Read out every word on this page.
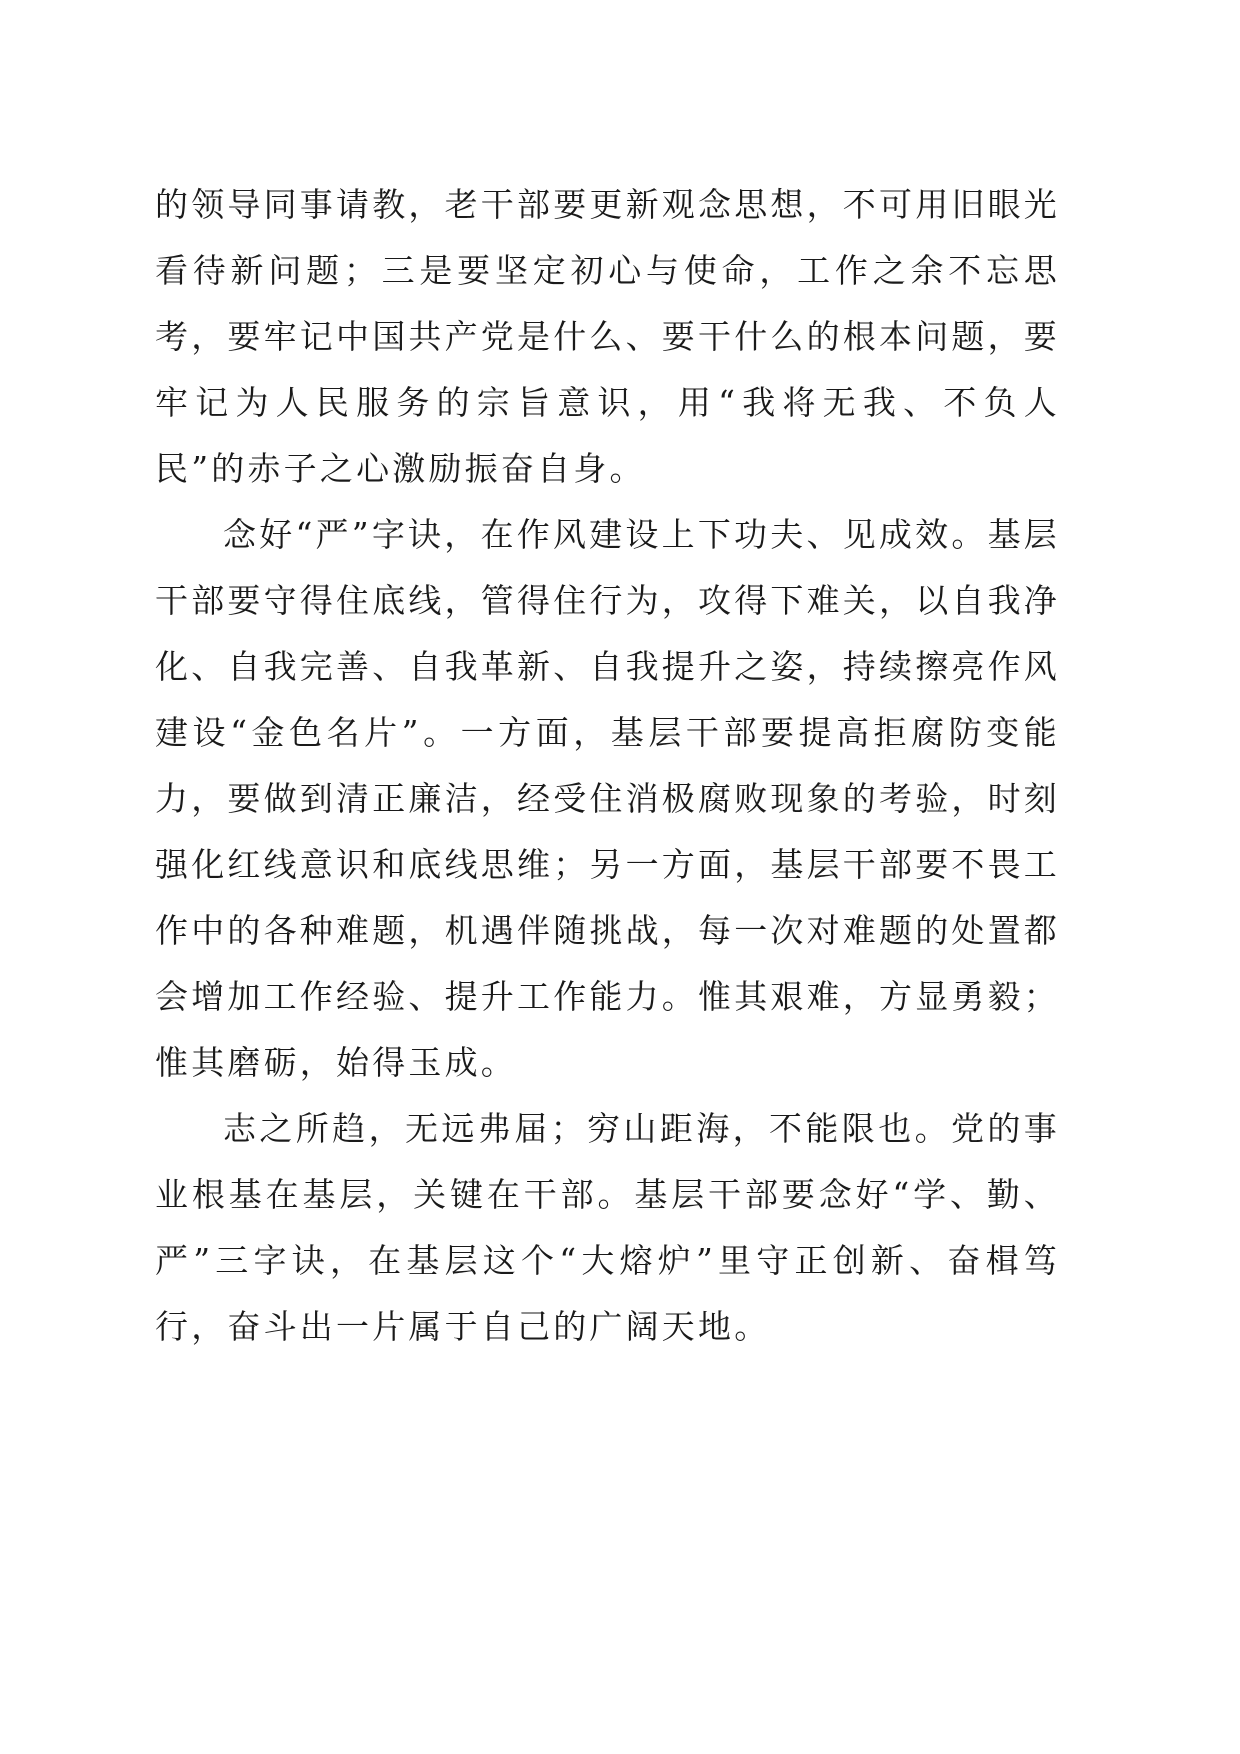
的领导同事请教，老干部要更新观念思想，不可用旧眼光看待新问题；三是要坚定初心与使命，工作之余不忘思考，要牢记中国共产党是什么、要干什么的根本问题，要牢记为人民服务的宗旨意识，用“我将无我、不负人民”的赤子之心激励振奋自身。

念好“严”字诀，在作风建设上下功夫、见成效。基层干部要守得住底线，管得住行为，攻得下难关，以自我净化、自我完善、自我革新、自我提升之姿，持续擦亮作风建设“金色名片”。一方面，基层干部要提高拒腐防变能力，要做到清正廉洁，经受住消极腐败现象的考验，时刻强化红线意识和底线思维；另一方面，基层干部要不畏工作中的各种难题，机遇伴随挑战，每一次对难题的处置都会增加工作经验、提升工作能力。惟其艰难，方显勇毅；惟其磨砺，始得玉成。

志之所趋，无远弗届；穷山距海，不能限也。党的事业根基在基层，关键在干部。基层干部要念好“学、勤、严”三字诀，在基层这个“大熔炉”里守正创新、奋楫笃行，奋斗出一片属于自己的广阔天地。
